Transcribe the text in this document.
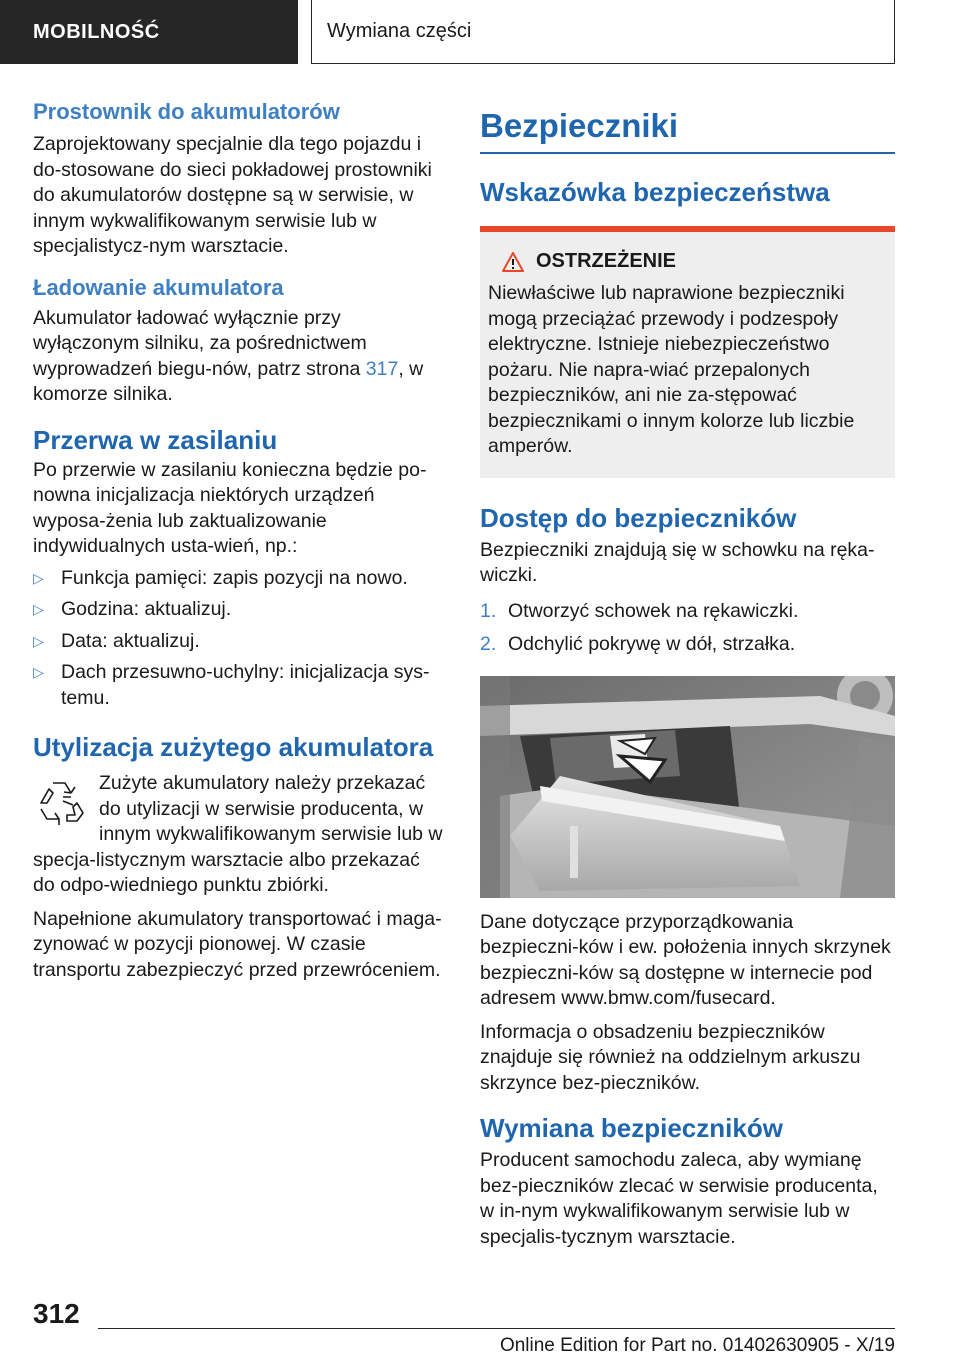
MOBILNOŚĆ	Wymiana części
Prostownik do akumulatorów

Zaprojektowany specjalnie dla tego pojazdu i do-stosowane do sieci pokładowej prostowniki do akumulatorów dostępne są w serwisie, w innym wykwalifikowanym serwisie lub w specjalistycz-nym warsztacie.

Ładowanie akumulatora

Akumulator ładować wyłącznie przy wyłączonym silniku, za pośrednictwem wyprowadzeń biegu-nów, patrz strona 317, w komorze silnika.

Przerwa w zasilaniu

Po przerwie w zasilaniu konieczna będzie po-nowna inicjalizacja niektórych urządzeń wyposa-żenia lub zaktualizowanie indywidualnych usta-wień, np.:

▷ Funkcja pamięci: zapis pozycji na nowo.

▷ Godzina: aktualizuj.

▷ Data: aktualizuj.

▷ Dach przesuwno-uchylny: inicjalizacja sys-temu.

Utylizacja zużytego akumulatora

Zużyte akumulatory należy przekazać do utylizacji w serwisie producenta, w innym wykwalifikowanym serwisie lub w specja-listycznym warsztacie albo przekazać do odpo-wiedniego punktu zbiórki.

Napełnione akumulatory transportować i maga-zynować w pozycji pionowej. W czasie transportu zabezpieczyć przed przewróceniem.

Bezpieczniki
Wskazówka bezpieczeństwa
OSTRZEŻENIE

Niewłaściwe lub naprawione bezpieczniki mogą przeciążać przewody i podzespoły elektryczne. Istnieje niebezpieczeństwo pożaru. Nie napra-wiać przepalonych bezpieczników, ani nie za-stępować bezpiecznikami o innym kolorze lub liczbie amperów.

Dostęp do bezpieczników

Bezpieczniki znajdują się w schowku na ręka-wiczki.

1. Otworzyć schowek na rękawiczki.

2. Odchylić pokrywę w dół, strzałka.

Dane dotyczące przyporządkowania bezpieczni-ków i ew. położenia innych skrzynek bezpieczni-ków są dostępne w internecie pod adresem www.bmw.com/fusecard.

Informacja o obsadzeniu bezpieczników znajduje się również na oddzielnym arkuszu skrzynce bez-pieczników.

Wymiana bezpieczników

Producent samochodu zaleca, aby wymianę bez-pieczników zlecać w serwisie producenta, w in-nym wykwalifikowanym serwisie lub w specjalis-tycznym warsztacie.

312
Online Edition for Part no. 01402630905 - X/19
